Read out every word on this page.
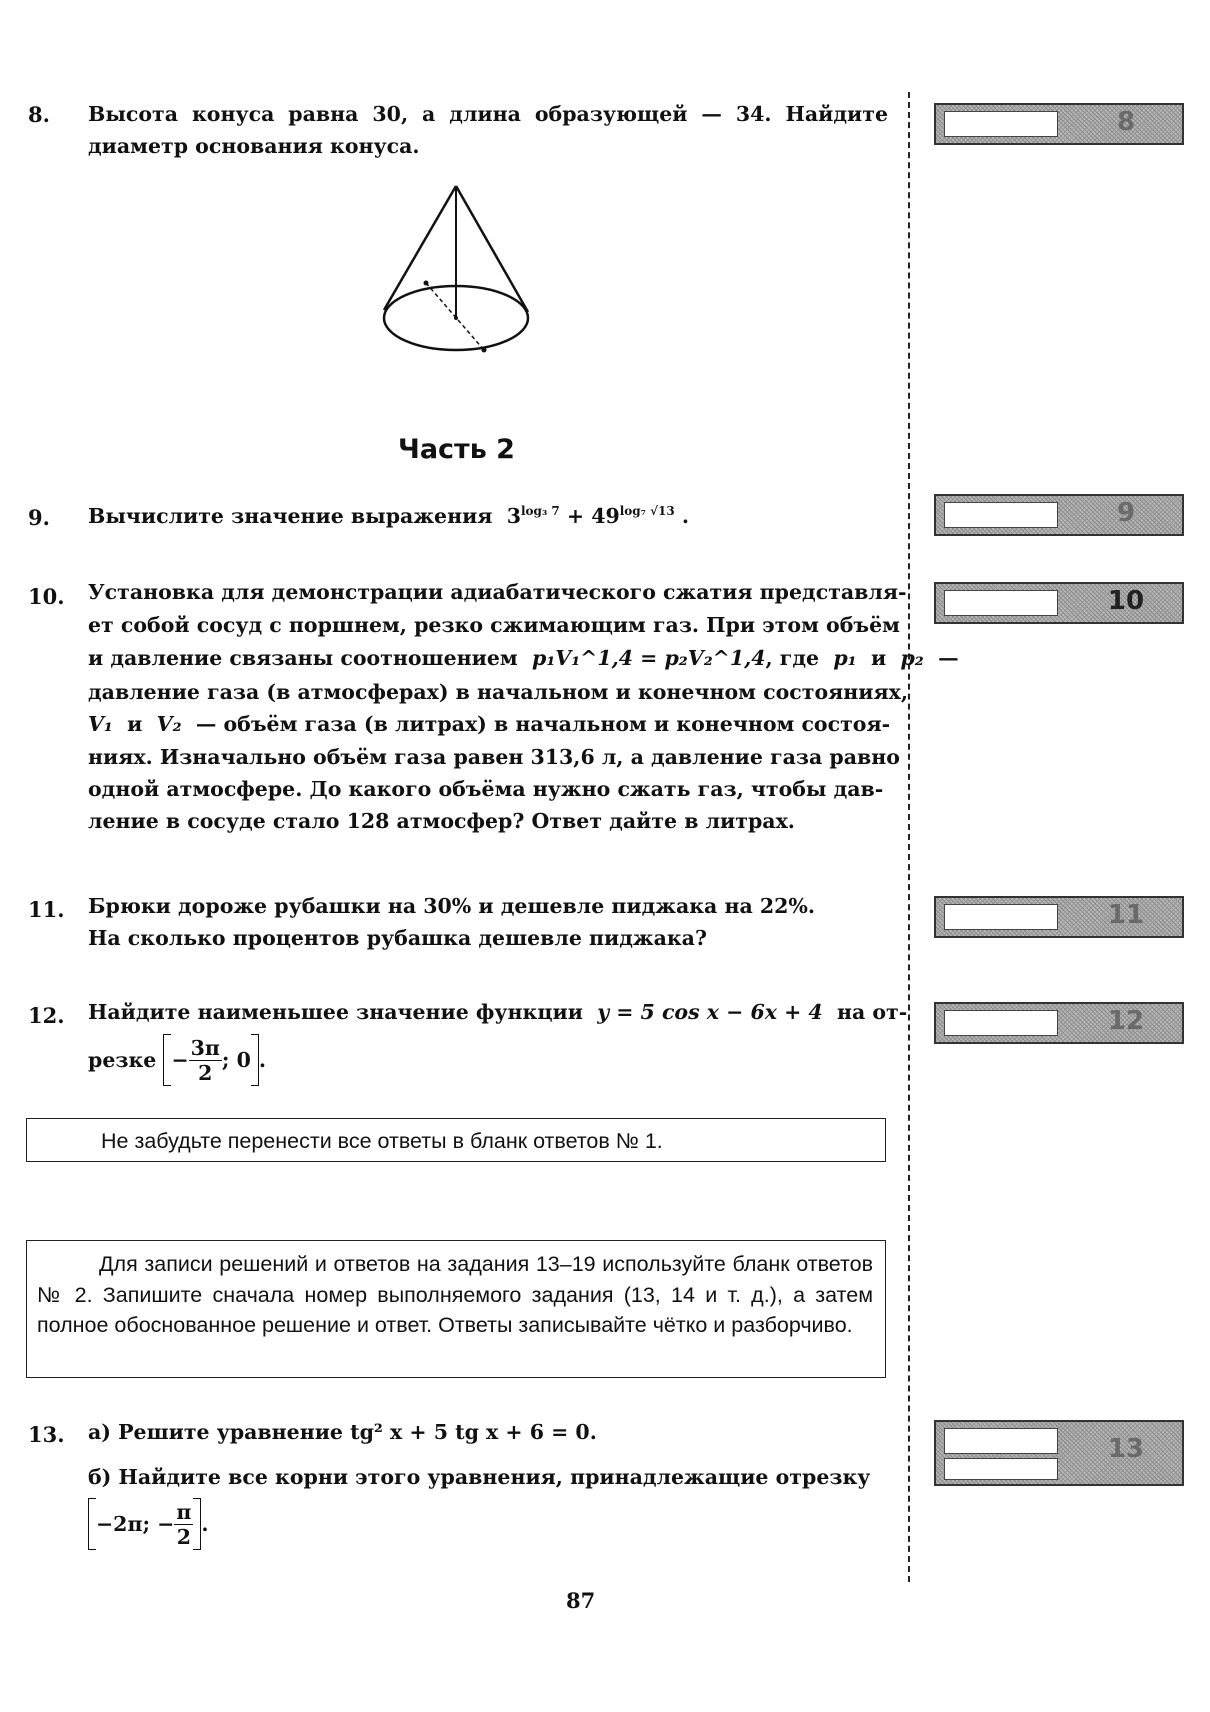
8. Высота конуса равна 30, а длина образующей — 34. Найдите диаметр основания конуса.
8
Часть 2
9. Вычислите значение выражения $3^{log_3 7} + 49^{log_7 √13}$ .	9
10. Установка для демонстрации адиабатического сжатия представля-
ет собой сосуд с поршнем, резко сжимающим газ. При этом объём
и давление связаны соотношением p₁V₁^1,4 = p₂V₂^1,4, где p₁ и p₂ —
давление газа (в атмосферах) в начальном и конечном состояниях,
V₁ и V₂ — объём газа (в литрах) в начальном и конечном состоя-
ниях. Изначально объём газа равен 313,6 л, а давление газа равно
одной атмосфере. До какого объёма нужно сжать газ, чтобы дав-
ление в сосуде стало 128 атмосфер? Ответ дайте в литрах.
10
11. Брюки дороже рубашки на 30% и дешевле пиджака на 22%.
На сколько процентов рубашка дешевле пиджака?
11
12. Найдите наименьшее значение функции y = 5 cos x − 6x + 4 на от-
резке − $\frac{3\pi}{2}$ ; 0 .
12
Не забудьте перенести все ответы в бланк ответов № 1.
Для записи решений и ответов на задания 13–19 используйте бланк ответов № 2. Запишите сначала номер выполняемого задания (13, 14 и т. д.), а затем полное обоснованное решение и ответ. Ответы записывайте чётко и разборчиво.
13. а) Решите уравнение tg² x + 5 tg x + 6 = 0.
б) Найдите все корни этого уравнения, принадлежащие отрезку
−2π; − $\frac{\pi}{2}$ .
13
87
